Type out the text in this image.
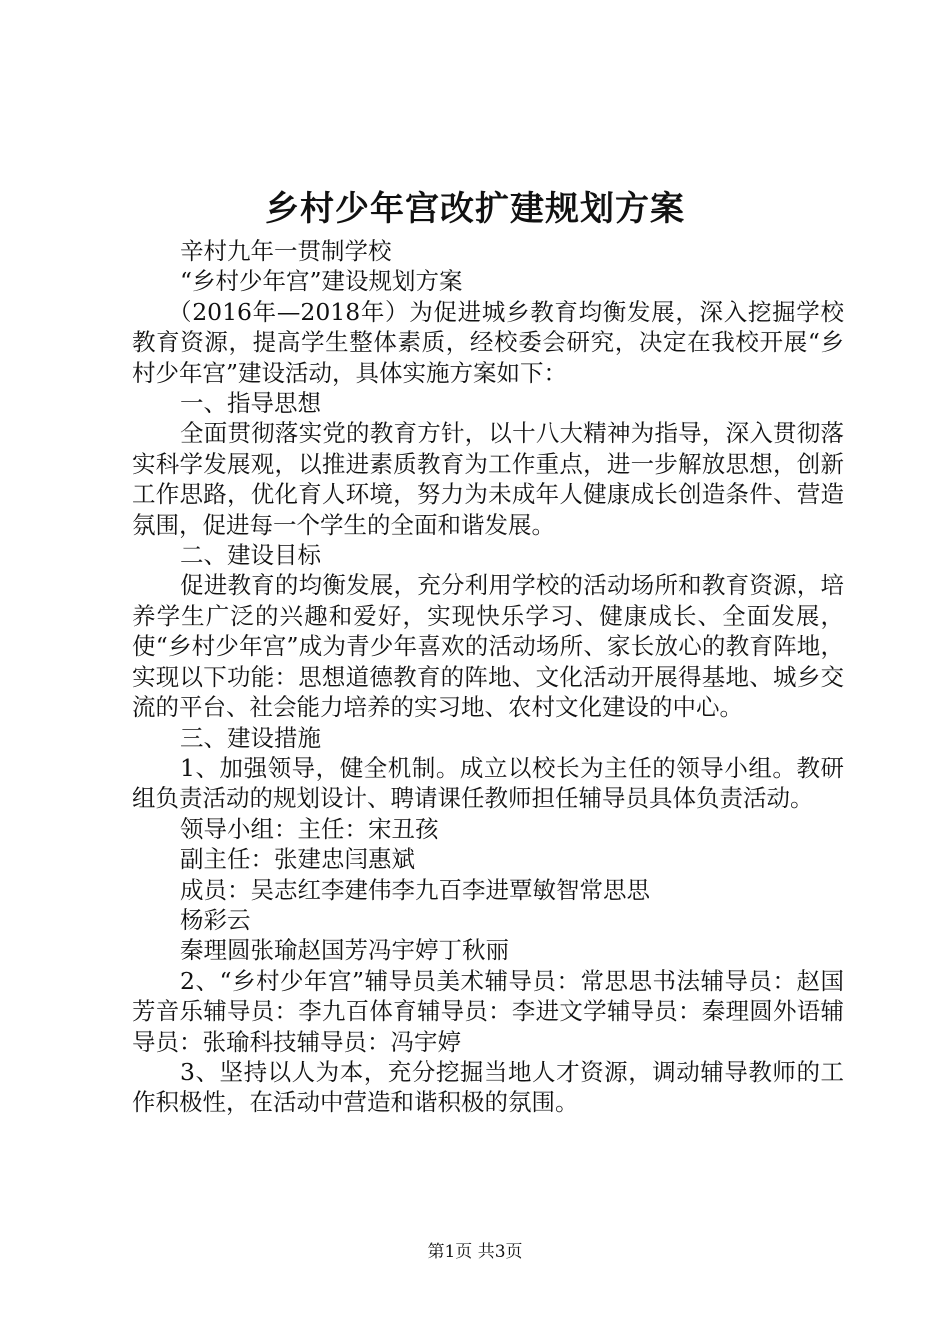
乡村少年宫改扩建规划方案

辛村九年一贯制学校

“乡村少年宫”建设规划方案

（2016年—2018年）为促进城乡教育均衡发展，深入挖掘学校教育资源，提高学生整体素质，经校委会研究，决定在我校开展“乡村少年宫”建设活动，具体实施方案如下：

一、指导思想

全面贯彻落实党的教育方针，以十八大精神为指导，深入贯彻落实科学发展观，以推进素质教育为工作重点，进一步解放思想，创新工作思路，优化育人环境，努力为未成年人健康成长创造条件、营造氛围，促进每一个学生的全面和谐发展。

二、建设目标

促进教育的均衡发展，充分利用学校的活动场所和教育资源，培养学生广泛的兴趣和爱好，实现快乐学习、健康成长、全面发展，使“乡村少年宫”成为青少年喜欢的活动场所、家长放心的教育阵地，实现以下功能：思想道德教育的阵地、文化活动开展得基地、城乡交流的平台、社会能力培养的实习地、农村文化建设的中心。

三、建设措施

1、加强领导，健全机制。成立以校长为主任的领导小组。教研组负责活动的规划设计、聘请课任教师担任辅导员具体负责活动。

领导小组：主任：宋丑孩

副主任：张建忠闫惠斌

成员：吴志红李建伟李九百李进覃敏智常思思

杨彩云

秦理圆张瑜赵国芳冯宇婷丁秋丽

2、“乡村少年宫”辅导员美术辅导员：常思思书法辅导员：赵国芳音乐辅导员：李九百体育辅导员：李进文学辅导员：秦理圆外语辅导员：张瑜科技辅导员：冯宇婷

3、坚持以人为本，充分挖掘当地人才资源，调动辅导教师的工作积极性，在活动中营造和谐积极的氛围。

第1页 共3页
